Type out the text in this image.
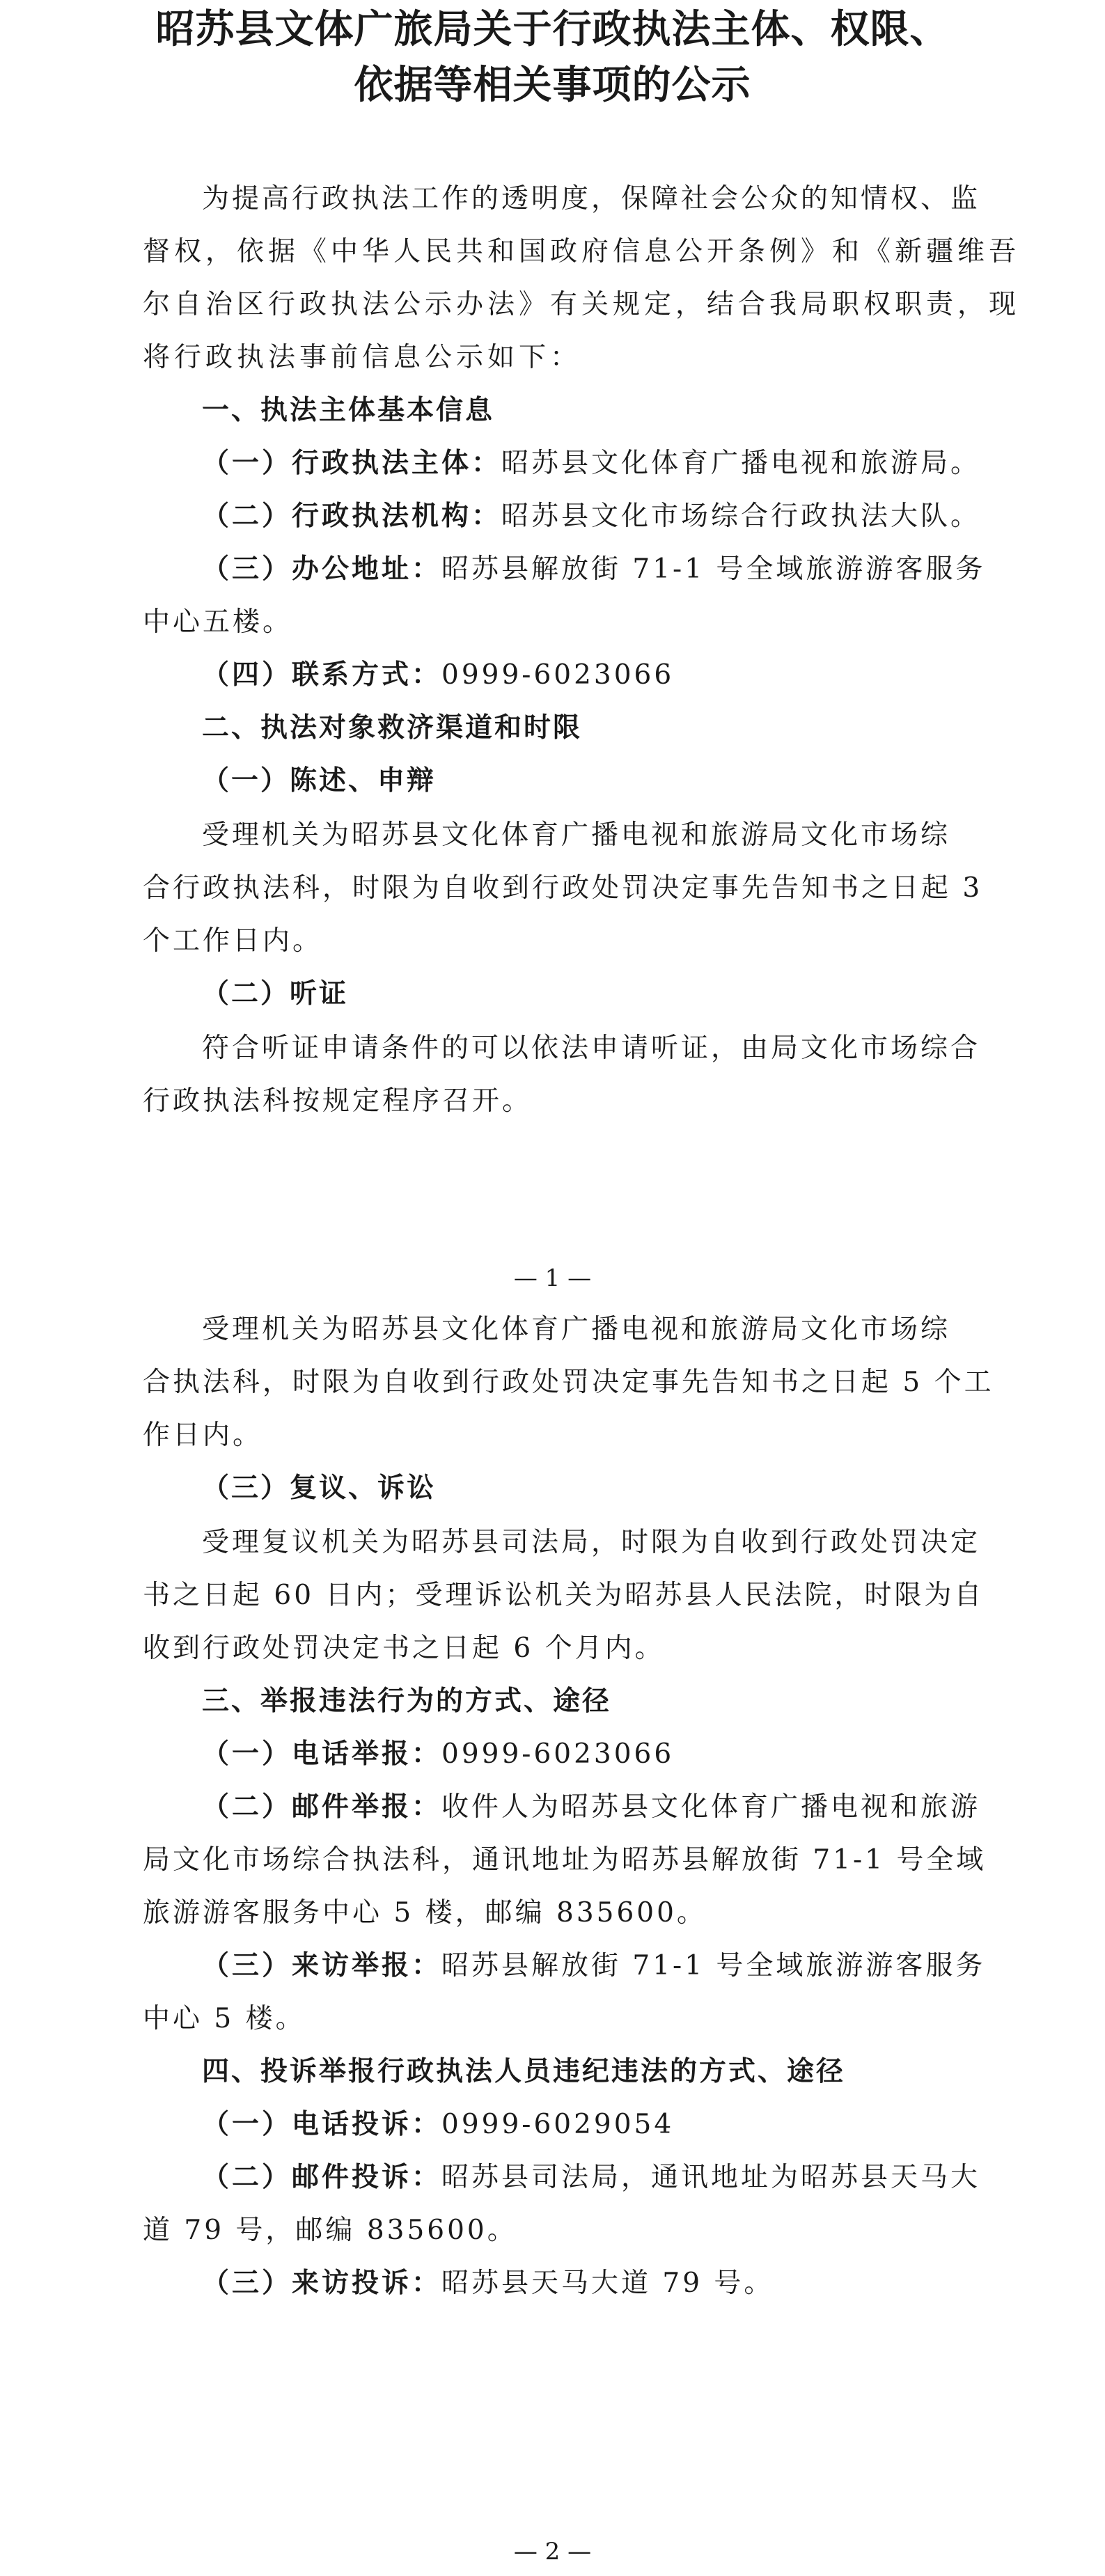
昭苏县文体广旅局关于行政执法主体、权限、
依据等相关事项的公示

为提高行政执法工作的透明度，保障社会公众的知情权、监

督权，依据《中华人民共和国政府信息公开条例》和《新疆维吾

尔自治区行政执法公示办法》有关规定，结合我局职权职责，现

将行政执法事前信息公示如下：

一、执法主体基本信息

（一）行政执法主体：昭苏县文化体育广播电视和旅游局。

（二）行政执法机构：昭苏县文化市场综合行政执法大队。

（三）办公地址：昭苏县解放街 71-1 号全域旅游游客服务

中心五楼。

（四）联系方式：0999-6023066

二、执法对象救济渠道和时限

（一）陈述、申辩

受理机关为昭苏县文化体育广播电视和旅游局文化市场综

合行政执法科，时限为自收到行政处罚决定事先告知书之日起 3

个工作日内。

（二）听证

符合听证申请条件的可以依法申请听证，由局文化市场综合

行政执法科按规定程序召开。

— 1 —

受理机关为昭苏县文化体育广播电视和旅游局文化市场综

合执法科，时限为自收到行政处罚决定事先告知书之日起 5 个工

作日内。

（三）复议、诉讼

受理复议机关为昭苏县司法局，时限为自收到行政处罚决定

书之日起 60 日内；受理诉讼机关为昭苏县人民法院，时限为自

收到行政处罚决定书之日起 6 个月内。

三、举报违法行为的方式、途径

（一）电话举报：0999-6023066

（二）邮件举报：收件人为昭苏县文化体育广播电视和旅游

局文化市场综合执法科，通讯地址为昭苏县解放街 71-1 号全域

旅游游客服务中心 5 楼，邮编 835600。

（三）来访举报：昭苏县解放街 71-1 号全域旅游游客服务

中心 5 楼。

四、投诉举报行政执法人员违纪违法的方式、途径

（一）电话投诉：0999-6029054

（二）邮件投诉：昭苏县司法局，通讯地址为昭苏县天马大

道 79 号，邮编 835600。

（三）来访投诉：昭苏县天马大道 79 号。

— 2 —
